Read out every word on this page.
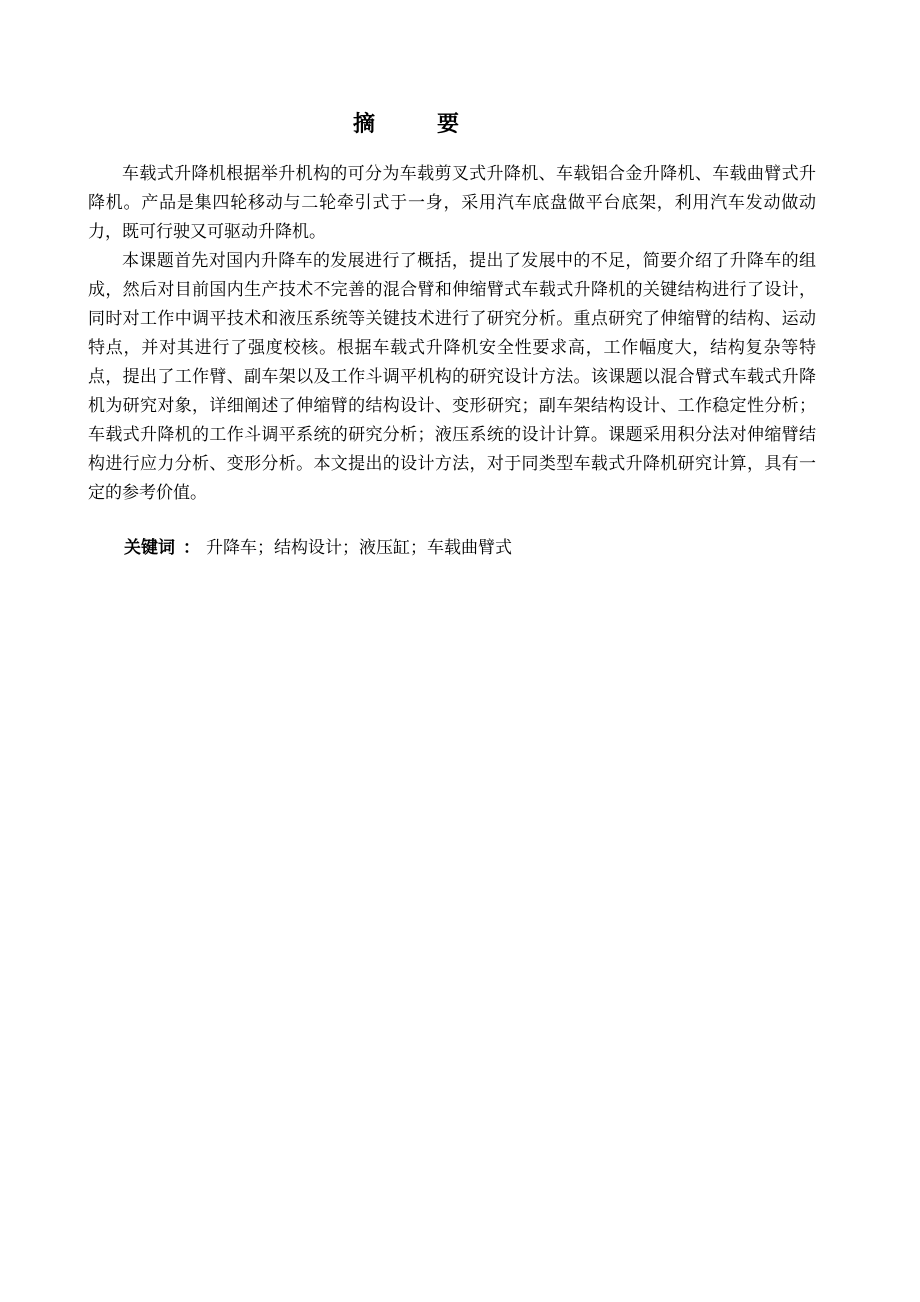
摘　要

车载式升降机根据举升机构的可分为车载剪叉式升降机、车载铝合金升降机、车载曲臂式升降机。产品是集四轮移动与二轮牵引式于一身，采用汽车底盘做平台底架，利用汽车发动做动力，既可行驶又可驱动升降机。

本课题首先对国内升降车的发展进行了概括，提出了发展中的不足，简要介绍了升降车的组成，然后对目前国内生产技术不完善的混合臂和伸缩臂式车载式升降机的关键结构进行了设计，同时对工作中调平技术和液压系统等关键技术进行了研究分析。重点研究了伸缩臂的结构、运动特点，并对其进行了强度校核。根据车载式升降机安全性要求高，工作幅度大，结构复杂等特点，提出了工作臂、副车架以及工作斗调平机构的研究设计方法。该课题以混合臂式车载式升降机为研究对象，详细阐述了伸缩臂的结构设计、变形研究；副车架结构设计、工作稳定性分析；车载式升降机的工作斗调平系统的研究分析；液压系统的设计计算。课题采用积分法对伸缩臂结构进行应力分析、变形分析。本文提出的设计方法，对于同类型车载式升降机研究计算，具有一定的参考价值。

关键词 ： 升降车；结构设计；液压缸；车载曲臂式
